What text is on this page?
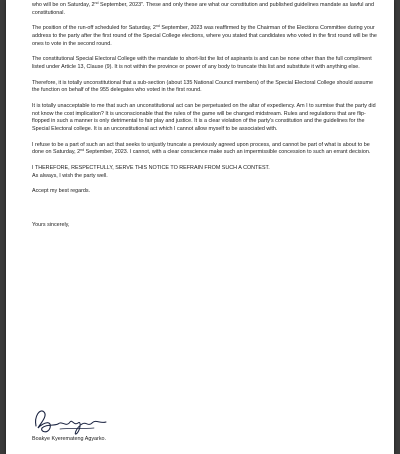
who will be on Saturday, 2nd September, 2023". These and only these are what our constitution and published guidelines mandate as lawful and constitutional.

The position of the run-off scheduled for Saturday, 2nd September, 2023 was reaffirmed by the Chairman of the Elections Committee during your address to the party after the first round of the Special College elections, where you stated that candidates who voted in the first round will be the ones to vote in the second round.

The constitutional Special Electoral College with the mandate to short-list the list of aspirants is and can be none other than the full compliment listed under Article 13, Clause (9). It is not within the province or power of any body to truncate this list and substitute it with anything else.

Therefore, it is totally unconstitutional that a sub-section (about 135 National Council members) of the Special Electoral College should assume the function on behalf of the 955 delegates who voted in the first round.

It is totally unacceptable to me that such an unconstitutional act can be perpetuated on the altar of expediency. Am I to surmise that the party did not know the cost implication? It is unconscionable that the rules of the game will be changed midstream. Rules and regulations that are flip-flopped in such a manner is only detrimental to fair play and justice. It is a clear violation of the party's constitution and the guidelines for the Special Electoral college. It is an unconstitutional act which I cannot allow myself to be associated with.

I refuse to be a part of such an act that seeks to unjustly truncate a previously agreed upon process, and cannot be part of what is about to be done on Saturday, 2nd September, 2023. I cannot, with a clear conscience make such an impermissible concession to such an errant decision.

I THEREFORE, RESPECTFULLY, SERVE THIS NOTICE TO REFRAIN FROM SUCH A CONTEST.

As always, I wish the party well.

Accept my best regards.

Yours sincerely,

Boakye Kyeremateng Agyarko.
